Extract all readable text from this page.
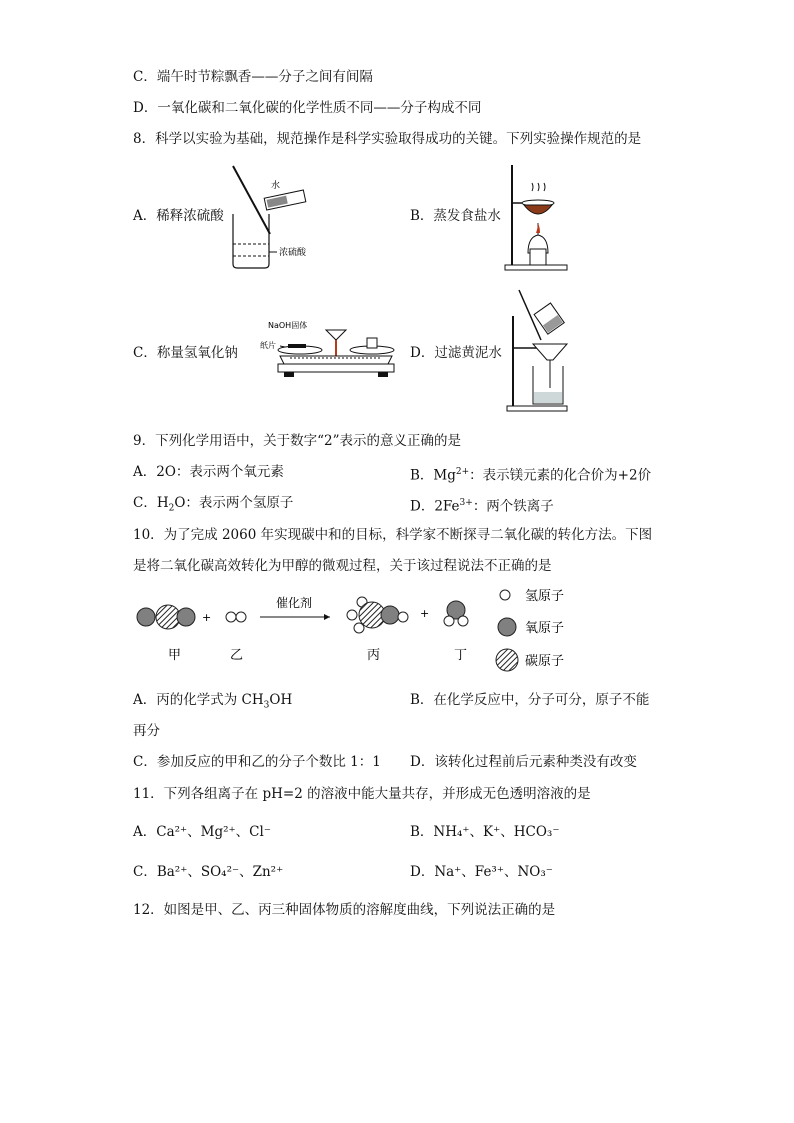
C．端午时节粽飘香——分子之间有间隔
D．一氧化碳和二氧化碳的化学性质不同——分子构成不同
8．科学以实验为基础，规范操作是科学实验取得成功的关键。下列实验操作规范的是
A．稀释浓硫酸	B．蒸发食盐水
C．称量氢氧化钠	D．过滤黄泥水
水
浓硫酸
NaOH固体
纸片
9．下列化学用语中，关于数字“2”表示的意义正确的是
A．2O：表示两个氧元素	B．$Mg^{2+}$：表示镁元素的化合价为+2价
C．$H_2O$：表示两个氢原子	D．$2Fe^{3+}$：两个铁离子
10．为了完成 2060 年实现碳中和的目标，科学家不断探寻二氧化碳的转化方法。下图
是将二氧化碳高效转化为甲醇的微观过程，关于该过程说法不正确的是
+
催化剂
+
氢原子
氧原子
碳原子
甲	乙	丙	丁
A．丙的化学式为 $CH_3OH$	B．在化学反应中，分子可分，原子不能
再分
C．参加反应的甲和乙的分子个数比 1：1 D．该转化过程前后元素种类没有改变
11．下列各组离子在 pH=2 的溶液中能大量共存，并形成无色透明溶液的是
A．Ca²⁺、Mg²⁺、Cl⁻	B．NH₄⁺、K⁺、HCO₃⁻
C．Ba²⁺、SO₄²⁻、Zn²⁺	D．Na⁺、Fe³⁺、NO₃⁻
12．如图是甲、乙、丙三种固体物质的溶解度曲线，下列说法正确的是
